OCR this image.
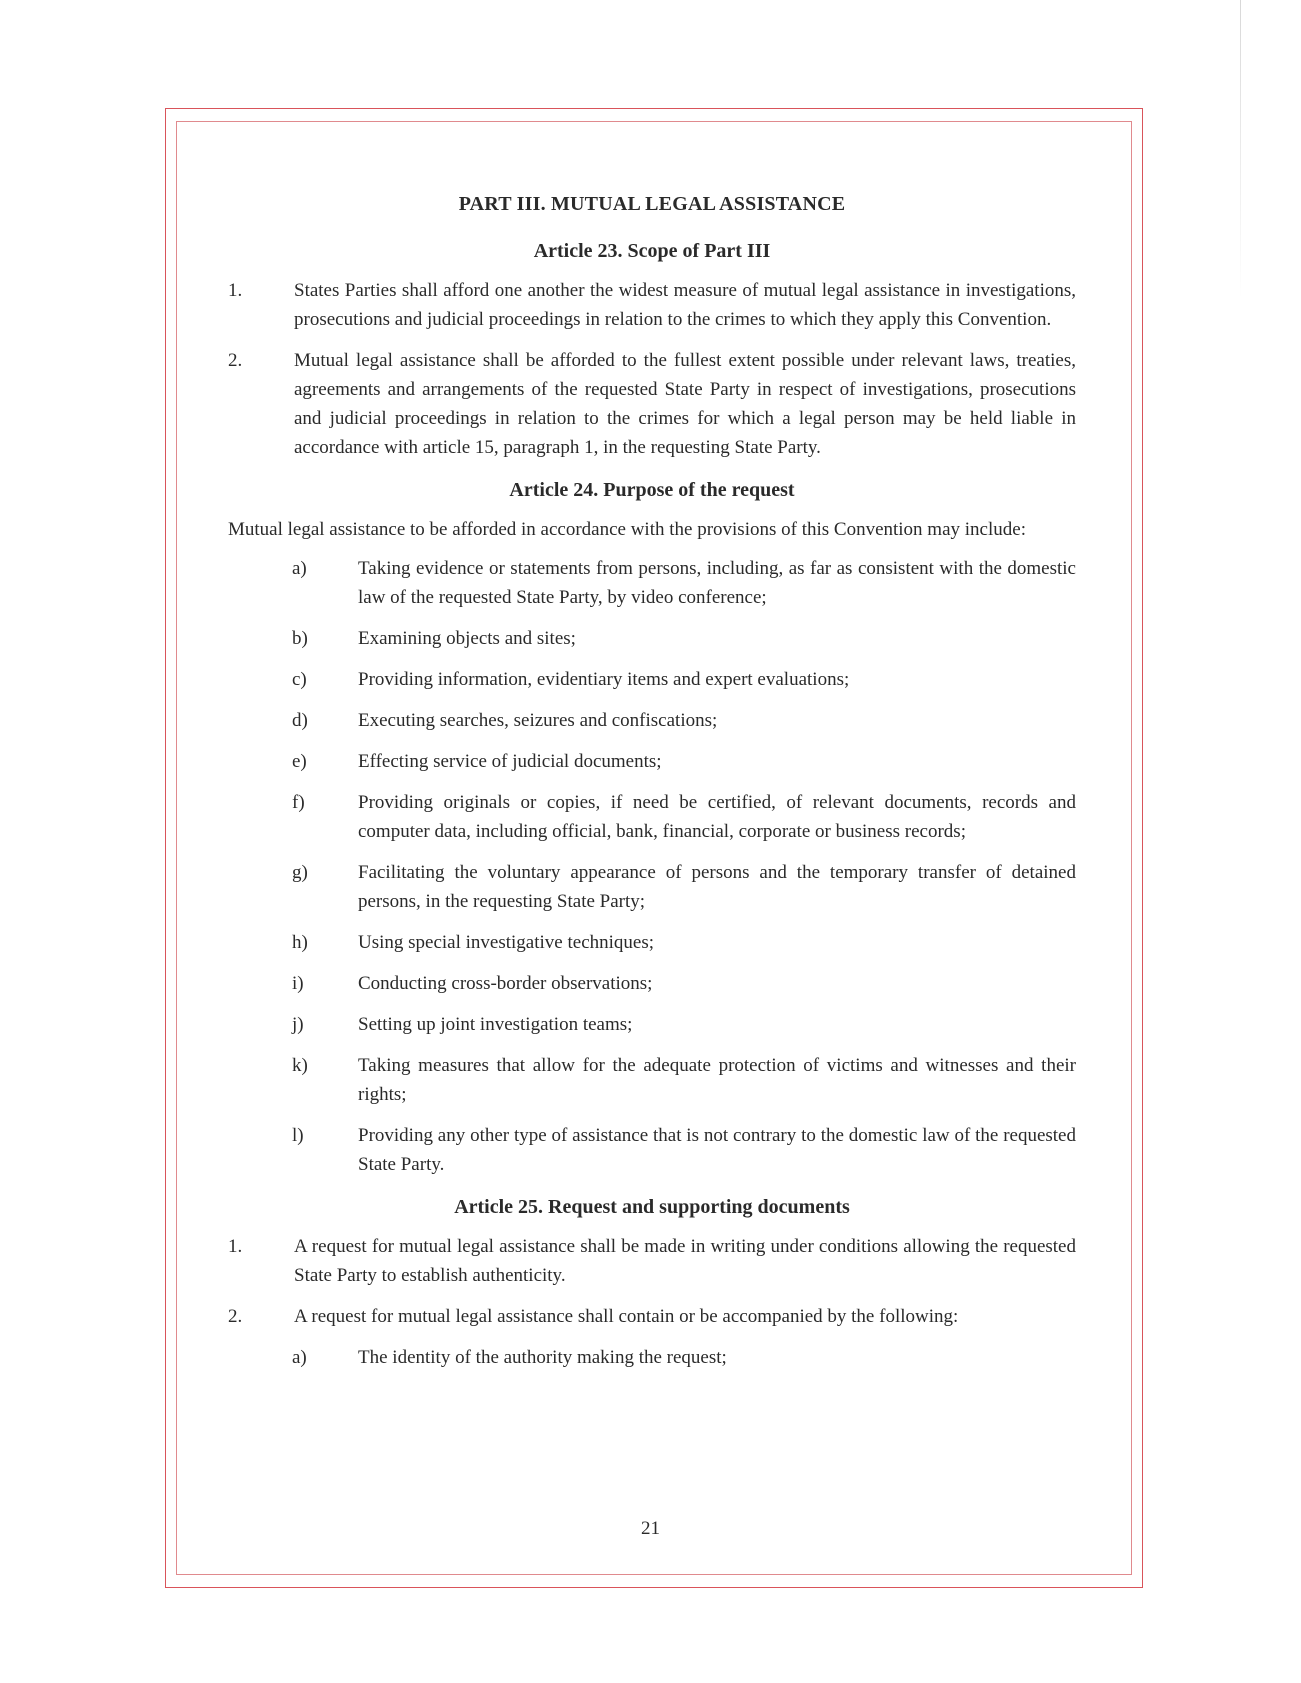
PART III. MUTUAL LEGAL ASSISTANCE
Article 23. Scope of Part III
1.	States Parties shall afford one another the widest measure of mutual legal assistance in investigations, prosecutions and judicial proceedings in relation to the crimes to which they apply this Convention.
2.	Mutual legal assistance shall be afforded to the fullest extent possible under relevant laws, treaties, agreements and arrangements of the requested State Party in respect of investigations, prosecutions and judicial proceedings in relation to the crimes for which a legal person may be held liable in accordance with article 15, paragraph 1, in the requesting State Party.
Article 24. Purpose of the request

Mutual legal assistance to be afforded in accordance with the provisions of this Convention may include:

a)	Taking evidence or statements from persons, including, as far as consistent with the domestic law of the requested State Party, by video conference;
b)	Examining objects and sites;
c)	Providing information, evidentiary items and expert evaluations;
d)	Executing searches, seizures and confiscations;
e)	Effecting service of judicial documents;
f)	Providing originals or copies, if need be certified, of relevant documents, records and computer data, including official, bank, financial, corporate or business records;
g)	Facilitating the voluntary appearance of persons and the temporary transfer of detained persons, in the requesting State Party;
h)	Using special investigative techniques;
i)	Conducting cross-border observations;
j)	Setting up joint investigation teams;
k)	Taking measures that allow for the adequate protection of victims and witnesses and their rights;
l)	Providing any other type of assistance that is not contrary to the domestic law of the requested State Party.
Article 25. Request and supporting documents
1.	A request for mutual legal assistance shall be made in writing under conditions allowing the requested State Party to establish authenticity.
2.	A request for mutual legal assistance shall contain or be accompanied by the following:
a)	The identity of the authority making the request;
21
